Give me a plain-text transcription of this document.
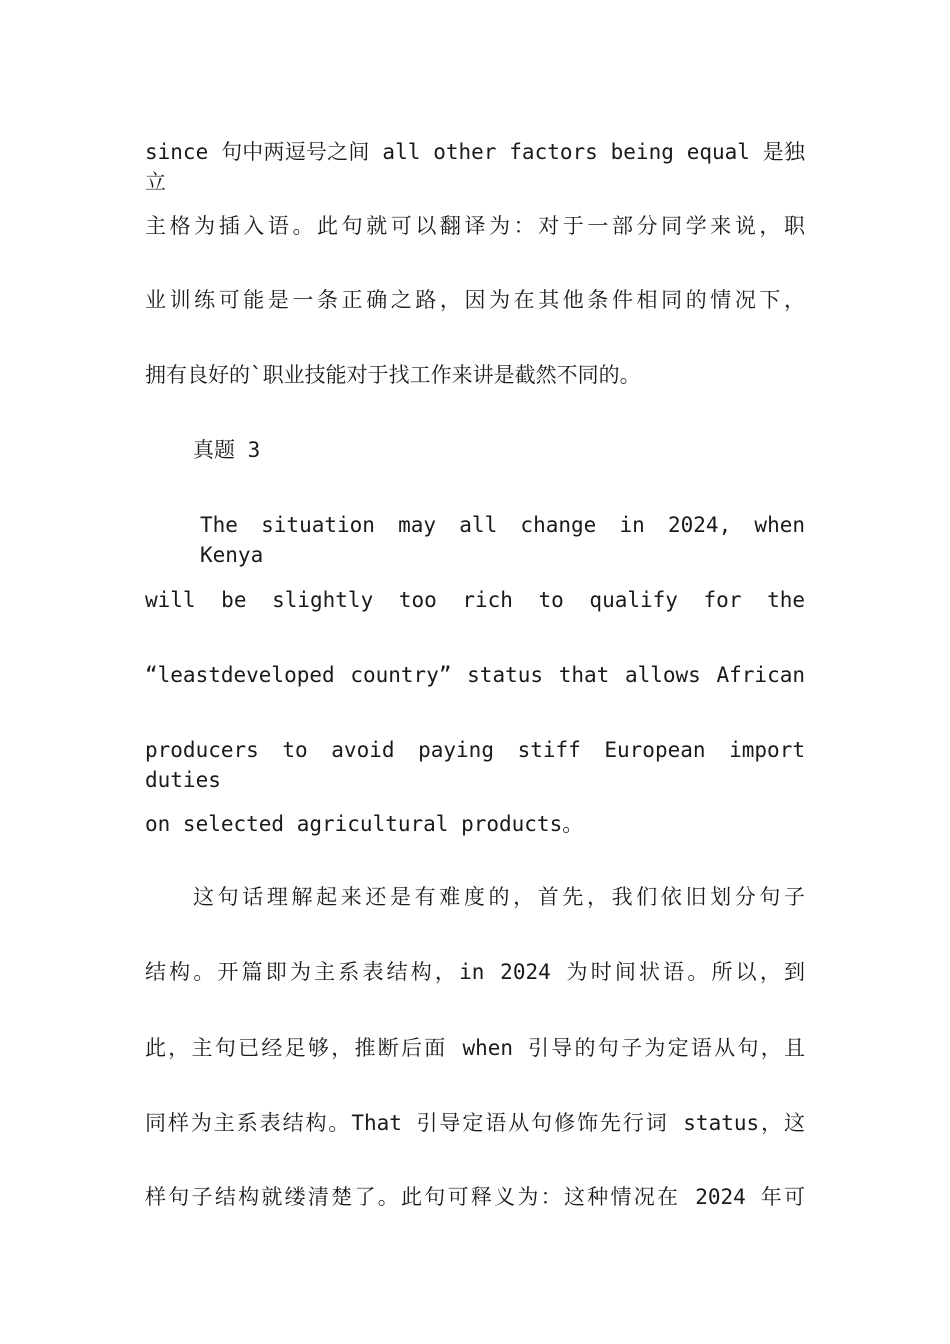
since 句中两逗号之间 all other factors being equal 是独立
主格为插入语。此句就可以翻译为：对于一部分同学来说，职
业训练可能是一条正确之路，因为在其他条件相同的情况下，
拥有良好的`职业技能对于找工作来讲是截然不同的。
真题 3
The situation may all change in 2024, when Kenya
will be slightly too rich to qualify for the
“leastdeveloped country” status that allows African
producers to avoid paying stiff European import duties
on selected agricultural products。
这句话理解起来还是有难度的，首先，我们依旧划分句子
结构。开篇即为主系表结构，in 2024 为时间状语。所以，到
此，主句已经足够，推断后面 when 引导的句子为定语从句，且
同样为主系表结构。That 引导定语从句修饰先行词 status，这
样句子结构就缕清楚了。此句可释义为：这种情况在 2024 年可
